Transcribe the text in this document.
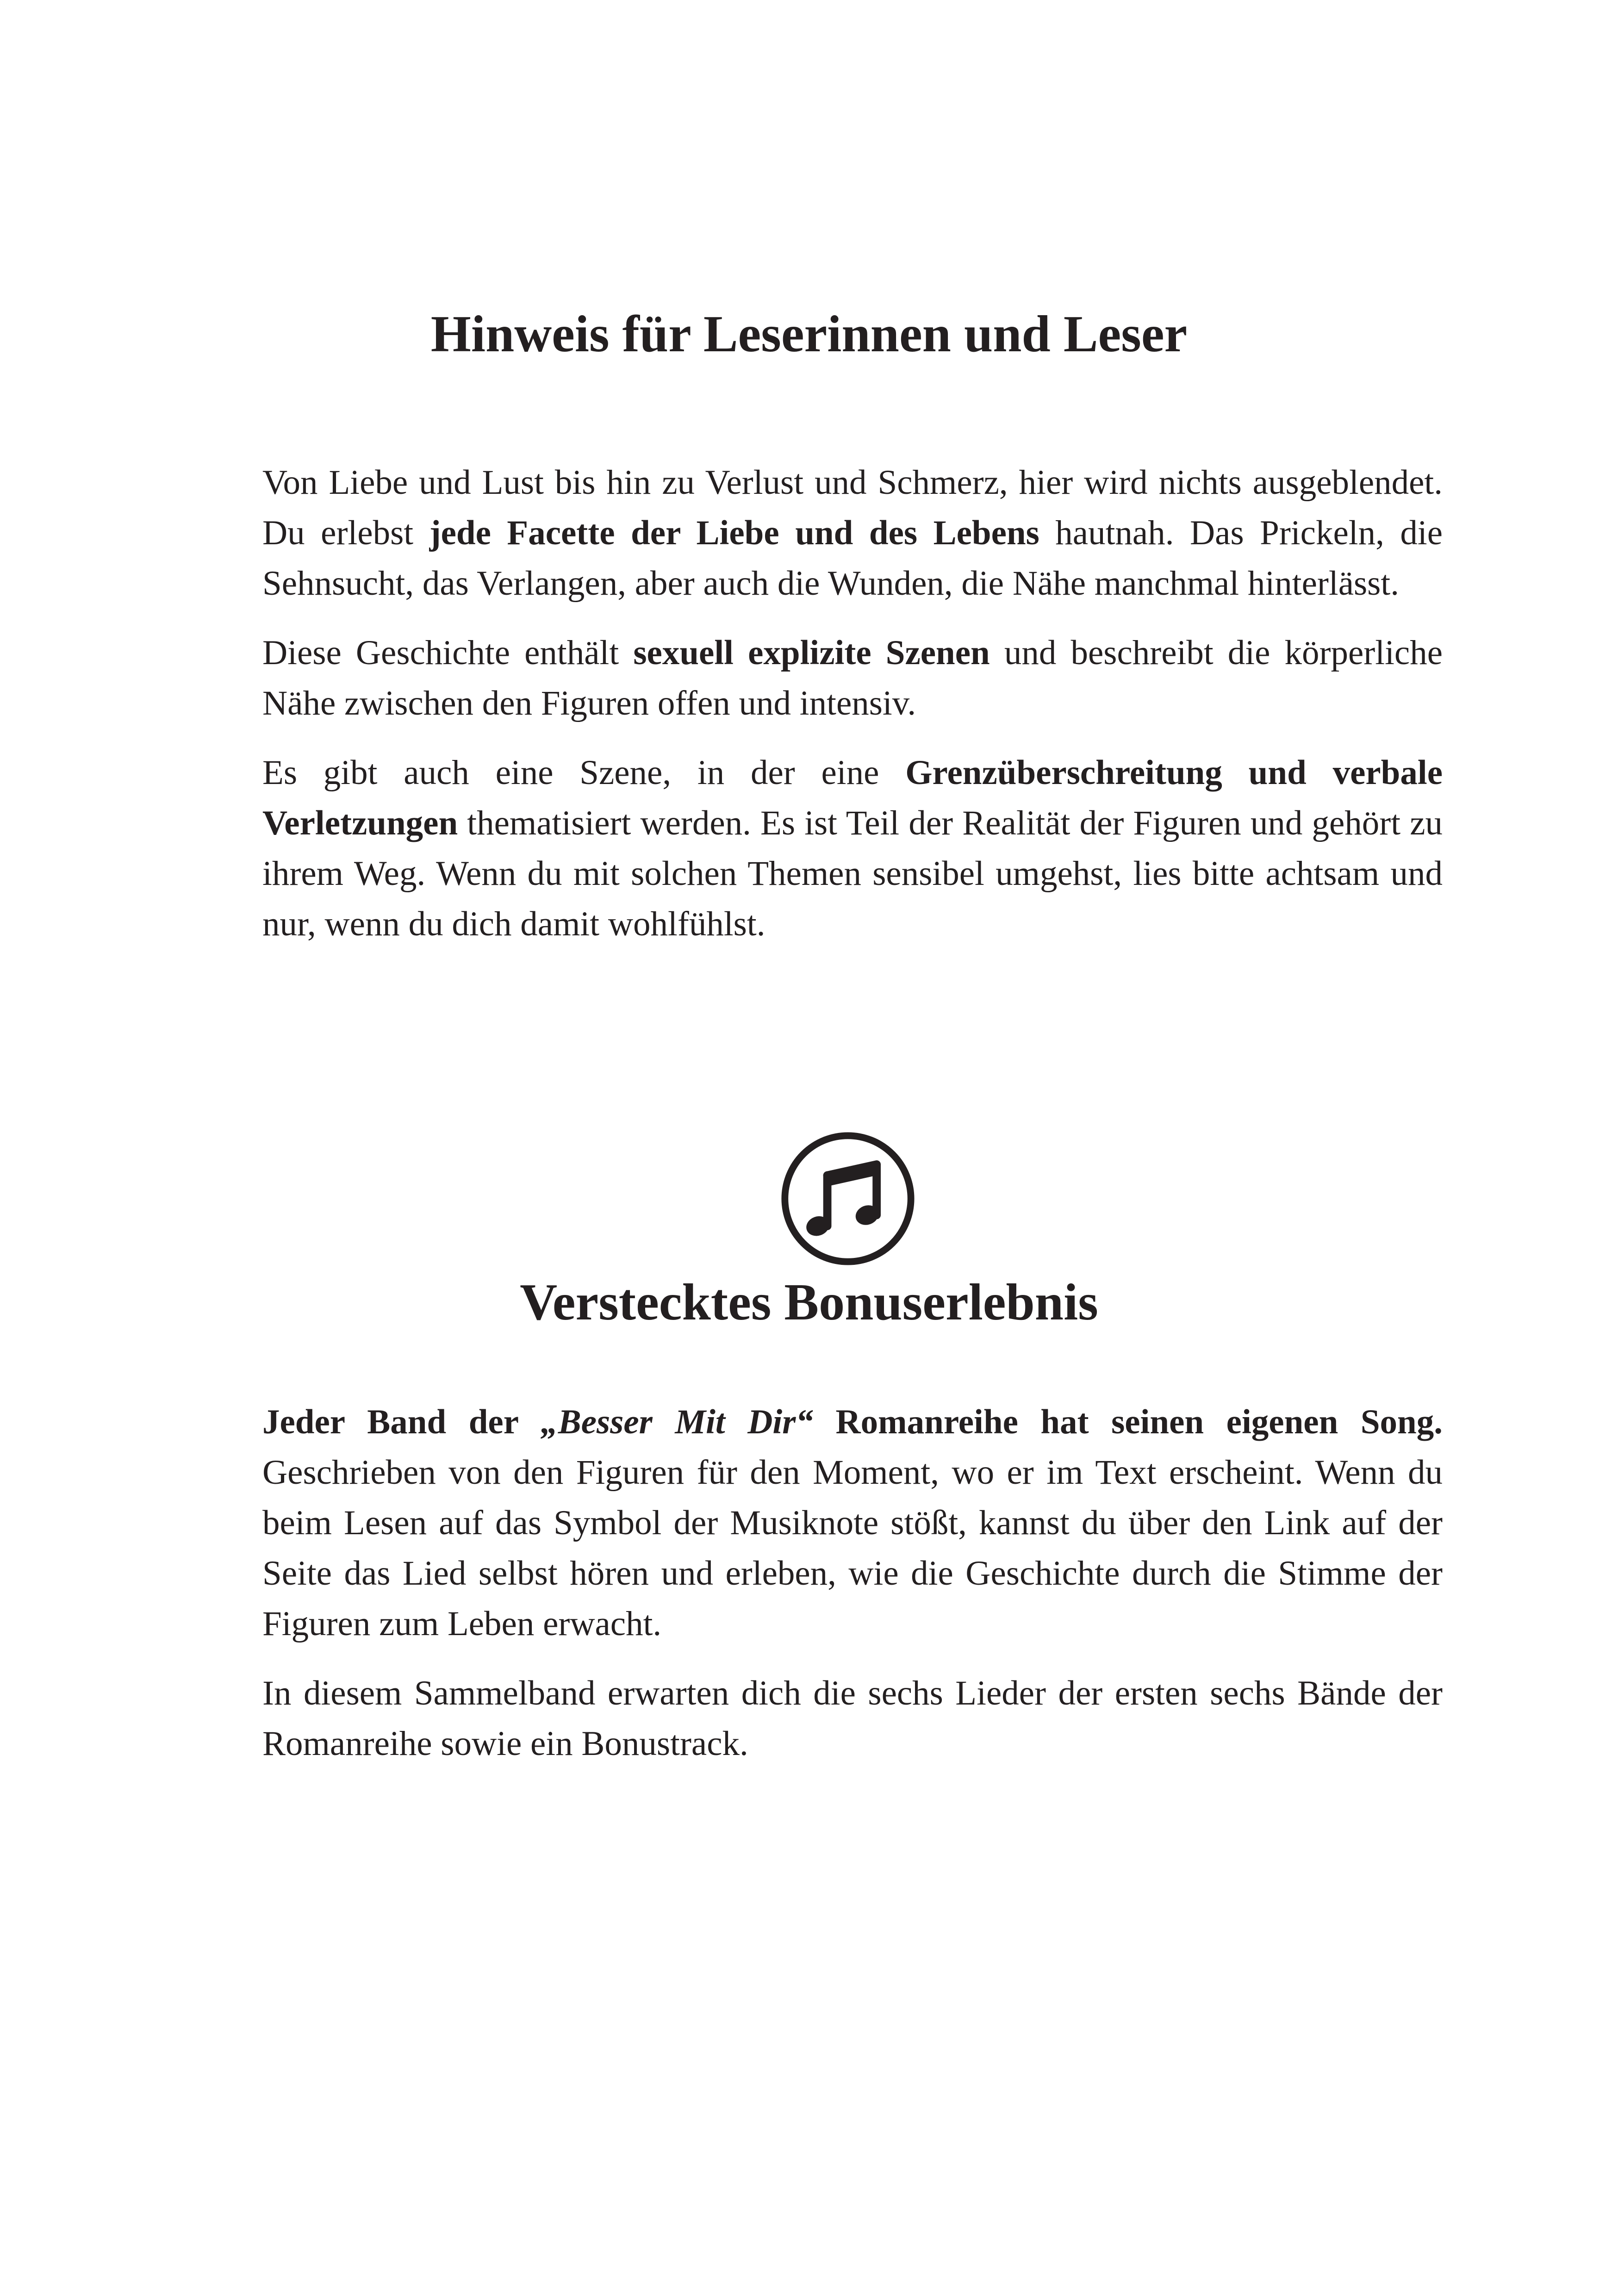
Hinweis für Leserinnen und Leser

Von Liebe und Lust bis hin zu Verlust und Schmerz, hier wird nichts ausgeblendet. Du erlebst jede Facette der Liebe und des Lebens hautnah. Das Prickeln, die Sehnsucht, das Verlangen, aber auch die Wunden, die Nähe manchmal hinterlässt.

Diese Geschichte enthält sexuell explizite Szenen und beschreibt die körperliche Nähe zwischen den Figuren offen und intensiv.

Es gibt auch eine Szene, in der eine Grenzüberschreitung und verbale Verletzungen thematisiert werden. Es ist Teil der Realität der Figuren und gehört zu ihrem Weg. Wenn du mit solchen Themen sensibel umgehst, lies bitte achtsam und nur, wenn du dich damit wohlfühlst.

Verstecktes Bonuserlebnis

Jeder Band der „Besser Mit Dir“ Romanreihe hat seinen eigenen Song. Geschrieben von den Figuren für den Moment, wo er im Text erscheint. Wenn du beim Lesen auf das Symbol der Musiknote stößt, kannst du über den Link auf der Seite das Lied selbst hören und erleben, wie die Geschichte durch die Stimme der Figuren zum Leben erwacht.

In diesem Sammelband erwarten dich die sechs Lieder der ersten sechs Bände der Romanreihe sowie ein Bonustrack.
